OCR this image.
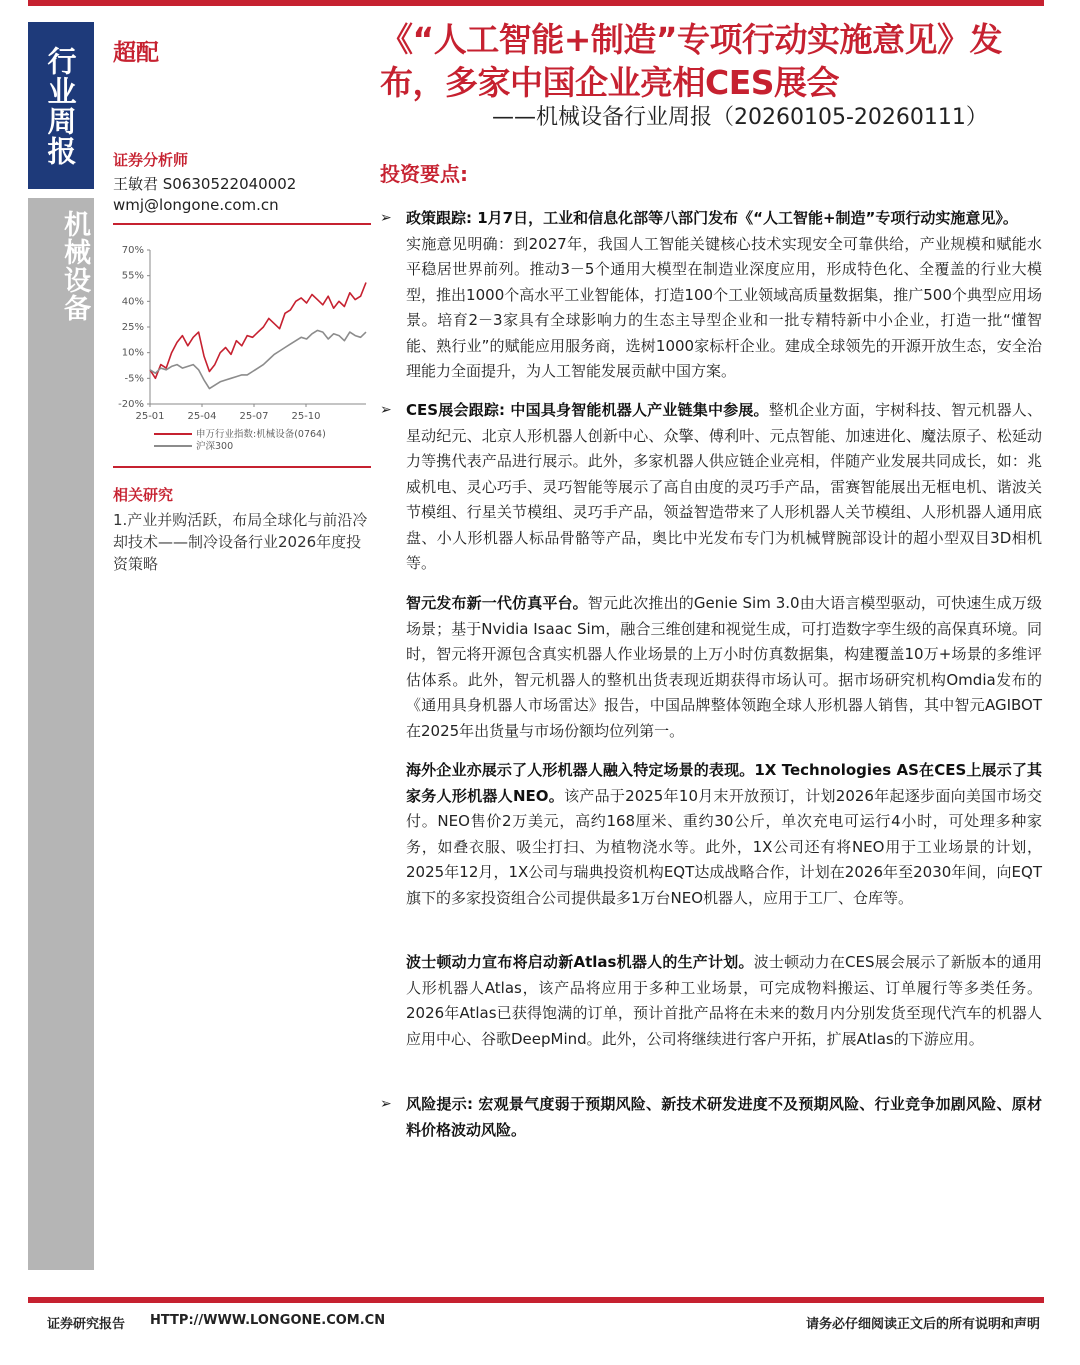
行业周报
机械设备
超配	《“人工智能+制造”专项行动实施意见》发布，多家中国企业亮相CES展会
——机械设备行业周报（20260105-20260111）
证券分析师
王敏君 S0630522040002
wmj@longone.com.cn
70%
55%
40%
25%
10%
-5%
-20%
25-01 25-04 25-07 25-10
申万行业指数:机械设备(0764)
沪深300
相关研究
1.产业并购活跃，布局全球化与前沿冷却技术——制冷设备行业2026年度投资策略
投资要点:
➢ 政策跟踪: 1月7日，工业和信息化部等八部门发布《“人工智能+制造”专项行动实施意见》。
实施意见明确：到2027年，我国人工智能关键核心技术实现安全可靠供给，产业规模和赋能水平稳居世界前列。推动3－5个通用大模型在制造业深度应用，形成特色化、全覆盖的行业大模型，推出1000个高水平工业智能体，打造100个工业领域高质量数据集，推广500个典型应用场景。培育2－3家具有全球影响力的生态主导型企业和一批专精特新中小企业，打造一批“懂智能、熟行业”的赋能应用服务商，选树1000家标杆企业。建成全球领先的开源开放生态，安全治理能力全面提升，为人工智能发展贡献中国方案。
➢ CES展会跟踪: 中国具身智能机器人产业链集中参展。整机企业方面，宇树科技、智元机器人、星动纪元、北京人形机器人创新中心、众擎、傅利叶、元点智能、加速进化、魔法原子、松延动力等携代表产品进行展示。此外，多家机器人供应链企业亮相，伴随产业发展共同成长，如：兆威机电、灵心巧手、灵巧智能等展示了高自由度的灵巧手产品，雷赛智能展出无框电机、谐波关节模组、行星关节模组、灵巧手产品，领益智造带来了人形机器人关节模组、人形机器人通用底盘、小人形机器人标品骨骼等产品，奥比中光发布专门为机械臂腕部设计的超小型双目3D相机等。
智元发布新一代仿真平台。智元此次推出的Genie Sim 3.0由大语言模型驱动，可快速生成万级场景；基于Nvidia Isaac Sim，融合三维创建和视觉生成，可打造数字孪生级的高保真环境。同时，智元将开源包含真实机器人作业场景的上万小时仿真数据集，构建覆盖10万+场景的多维评估体系。此外，智元机器人的整机出货表现近期获得市场认可。据市场研究机构Omdia发布的《通用具身机器人市场雷达》报告，中国品牌整体领跑全球人形机器人销售，其中智元AGIBOT在2025年出货量与市场份额均位列第一。
海外企业亦展示了人形机器人融入特定场景的表现。1X Technologies AS在CES上展示了其家务人形机器人NEO。该产品于2025年10月末开放预订，计划2026年起逐步面向美国市场交付。NEO售价2万美元，高约168厘米、重约30公斤，单次充电可运行4小时，可处理多种家务，如叠衣服、吸尘打扫、为植物浇水等。此外，1X公司还有将NEO用于工业场景的计划，2025年12月，1X公司与瑞典投资机构EQT达成战略合作，计划在2026年至2030年间，向EQT旗下的多家投资组合公司提供最多1万台NEO机器人，应用于工厂、仓库等。
波士顿动力宣布将启动新Atlas机器人的生产计划。波士顿动力在CES展会展示了新版本的通用人形机器人Atlas，该产品将应用于多种工业场景，可完成物料搬运、订单履行等多类任务。2026年Atlas已获得饱满的订单，预计首批产品将在未来的数月内分别发货至现代汽车的机器人应用中心、谷歌DeepMind。此外，公司将继续进行客户开拓，扩展Atlas的下游应用。
➢ 风险提示: 宏观景气度弱于预期风险、新技术研发进度不及预期风险、行业竞争加剧风险、原材料价格波动风险。
证券研究报告 HTTP://WWW.LONGONE.COM.CN	请务必仔细阅读正文后的所有说明和声明
